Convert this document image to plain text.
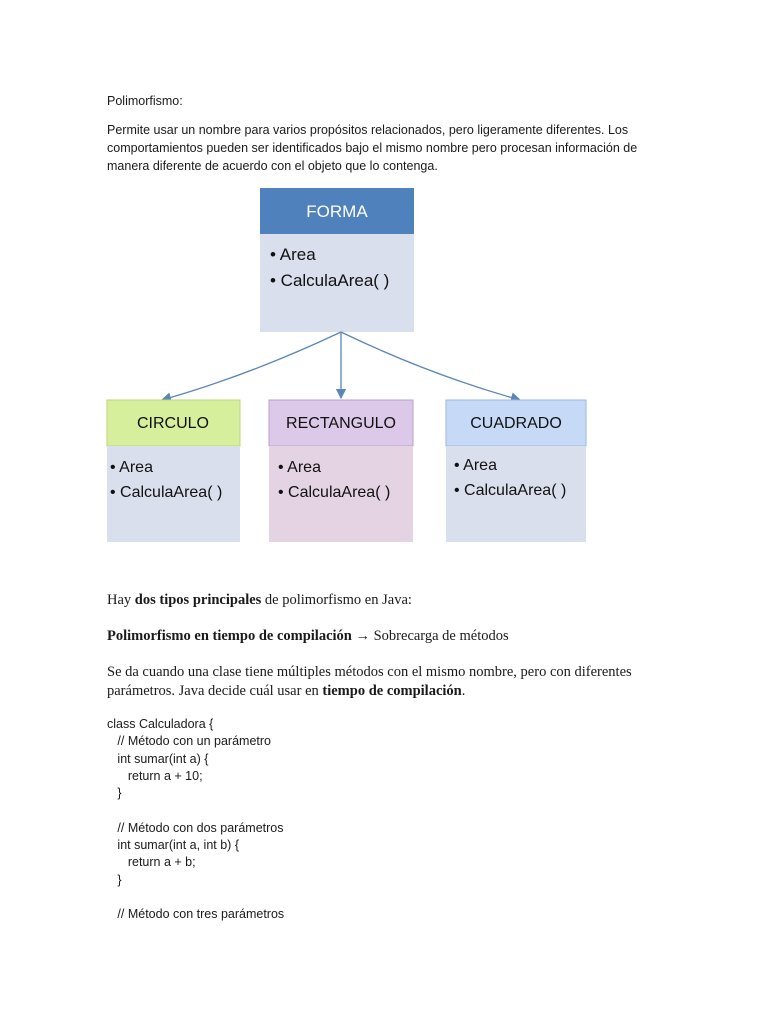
Polimorfismo:

Permite usar un nombre para varios propósitos relacionados, pero ligeramente diferentes. Los comportamientos pueden ser identificados bajo el mismo nombre pero procesan información de manera diferente de acuerdo con el objeto que lo contenga.

FORMA
• Area
• CalculaArea( )
CIRCULO
• Area
• CalculaArea( )
RECTANGULO
• Area
• CalculaArea( )
CUADRADO
• Area
• CalculaArea( )

Hay dos tipos principales de polimorfismo en Java:

Polimorfismo en tiempo de compilación → Sobrecarga de métodos

Se da cuando una clase tiene múltiples métodos con el mismo nombre, pero con diferentes parámetros. Java decide cuál usar en tiempo de compilación.

class Calculadora {
// Método con un parámetro
int sumar(int a) {
return a + 10;
}

// Método con dos parámetros
int sumar(int a, int b) {
return a + b;
}

// Método con tres parámetros
